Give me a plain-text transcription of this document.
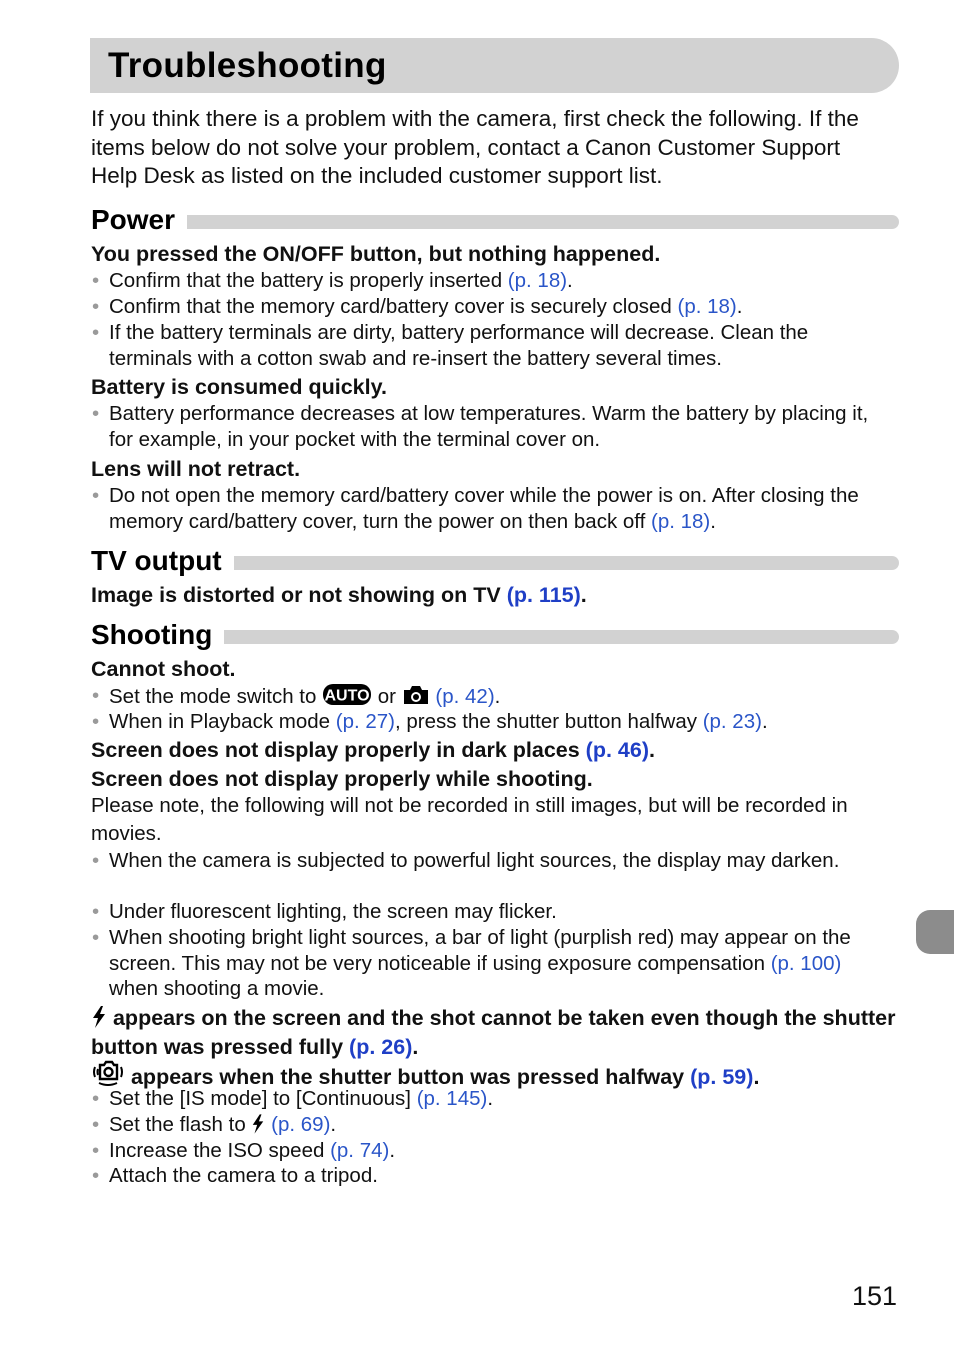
Troubleshooting

If you think there is a problem with the camera, first check the following. If the items below do not solve your problem, contact a Canon Customer Support Help Desk as listed on the included customer support list.

Power

You pressed the ON/OFF button, but nothing happened.

• Confirm that the battery is properly inserted (p. 18).

• Confirm that the memory card/battery cover is securely closed (p. 18).

• If the battery terminals are dirty, battery performance will decrease. Clean the terminals with a cotton swab and re-insert the battery several times.

Battery is consumed quickly.

• Battery performance decreases at low temperatures. Warm the battery by placing it, for example, in your pocket with the terminal cover on.

Lens will not retract.

• Do not open the memory card/battery cover while the power is on. After closing the memory card/battery cover, turn the power on then back off (p. 18).

TV output

Image is distorted or not showing on TV (p. 115).

Shooting

Cannot shoot.

• Set the mode switch to AUTO or  (p. 42).

• When in Playback mode (p. 27), press the shutter button halfway (p. 23).

Screen does not display properly in dark places (p. 46).

Screen does not display properly while shooting.

Please note, the following will not be recorded in still images, but will be recorded in movies.

• When the camera is subjected to powerful light sources, the display may darken.

• Under fluorescent lighting, the screen may flicker.

• When shooting bright light sources, a bar of light (purplish red) may appear on the screen. This may not be very noticeable if using exposure compensation (p. 100) when shooting a movie.

appears on the screen and the shot cannot be taken even though the shutter button was pressed fully (p. 26).

appears when the shutter button was pressed halfway (p. 59).

• Set the [IS mode] to [Continuous] (p. 145).

• Set the flash to  (p. 69).

• Increase the ISO speed (p. 74).

• Attach the camera to a tripod.

151
